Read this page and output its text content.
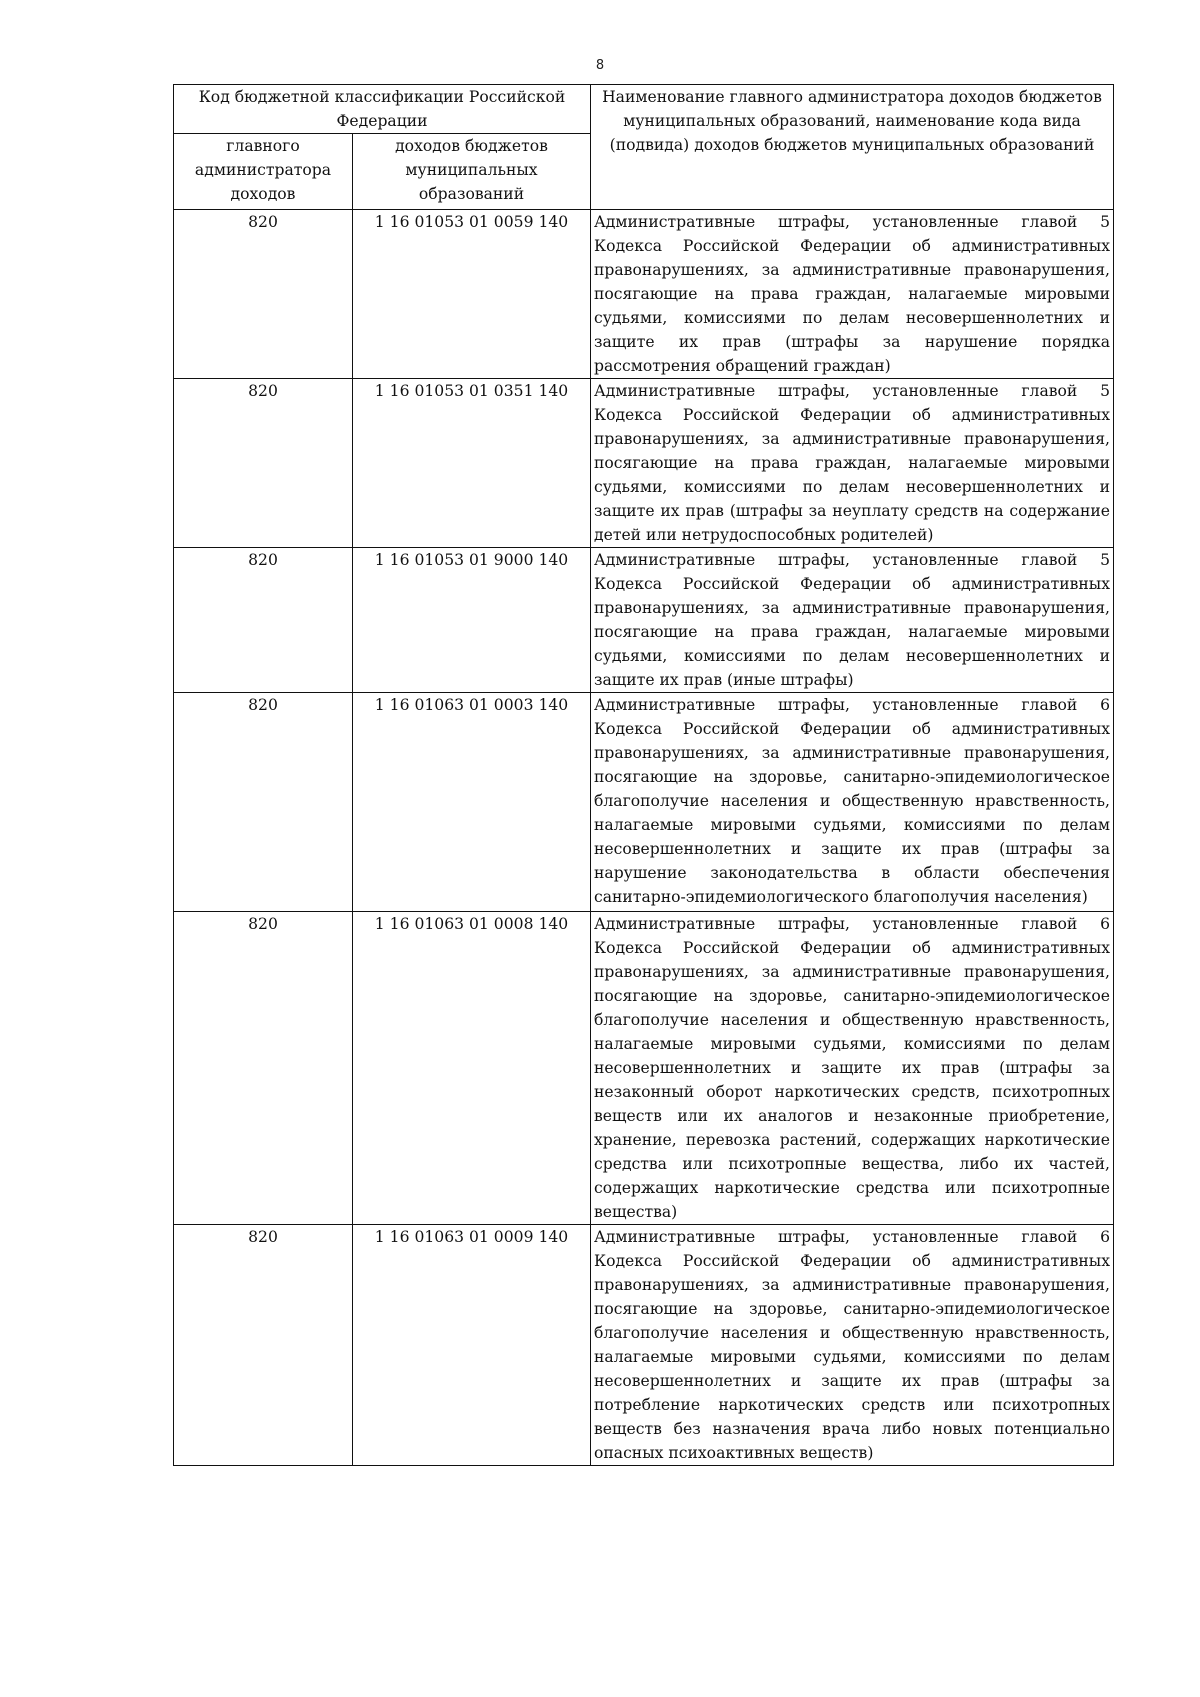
8
Код бюджетной классификации Российской Федерации		Наименование главного администратора доходов бюджетов муниципальных образований, наименование кода вида (подвида) доходов бюджетов муниципальных образований
главного администратора доходов	доходов бюджетов муниципальных образований	
820	1 16 01053 01 0059 140	Административные штрафы, установленные главой 5 Кодекса Российской Федерации об административных правонарушениях, за административные правонарушения, посягающие на права граждан, налагаемые мировыми судьями, комиссиями по делам несовершеннолетних и защите их прав (штрафы за нарушение порядка рассмотрения обращений граждан)
820	1 16 01053 01 0351 140	Административные штрафы, установленные главой 5 Кодекса Российской Федерации об административных правонарушениях, за административные правонарушения, посягающие на права граждан, налагаемые мировыми судьями, комиссиями по делам несовершеннолетних и защите их прав (штрафы за неуплату средств на содержание детей или нетрудоспособных родителей)
820	1 16 01053 01 9000 140	Административные штрафы, установленные главой 5 Кодекса Российской Федерации об административных правонарушениях, за административные правонарушения, посягающие на права граждан, налагаемые мировыми судьями, комиссиями по делам несовершеннолетних и защите их прав (иные штрафы)
820	1 16 01063 01 0003 140	Административные штрафы, установленные главой 6 Кодекса Российской Федерации об административных правонарушениях, за административные правонарушения, посягающие на здоровье, санитарно-эпидемиологическое благополучие населения и общественную нравственность, налагаемые мировыми судьями, комиссиями по делам несовершеннолетних и защите их прав (штрафы за нарушение законодательства в области обеспечения санитарно-эпидемиологического благополучия населения)
820	1 16 01063 01 0008 140	Административные штрафы, установленные главой 6 Кодекса Российской Федерации об административных правонарушениях, за административные правонарушения, посягающие на здоровье, санитарно-эпидемиологическое благополучие населения и общественную нравственность, налагаемые мировыми судьями, комиссиями по делам несовершеннолетних и защите их прав (штрафы за незаконный оборот наркотических средств, психотропных веществ или их аналогов и незаконные приобретение, хранение, перевозка растений, содержащих наркотические средства или психотропные вещества, либо их частей, содержащих наркотические средства или психотропные вещества)
820	1 16 01063 01 0009 140	Административные штрафы, установленные главой 6 Кодекса Российской Федерации об административных правонарушениях, за административные правонарушения, посягающие на здоровье, санитарно-эпидемиологическое благополучие населения и общественную нравственность, налагаемые мировыми судьями, комиссиями по делам несовершеннолетних и защите их прав (штрафы за потребление наркотических средств или психотропных веществ без назначения врача либо новых потенциально опасных психоактивных веществ)
